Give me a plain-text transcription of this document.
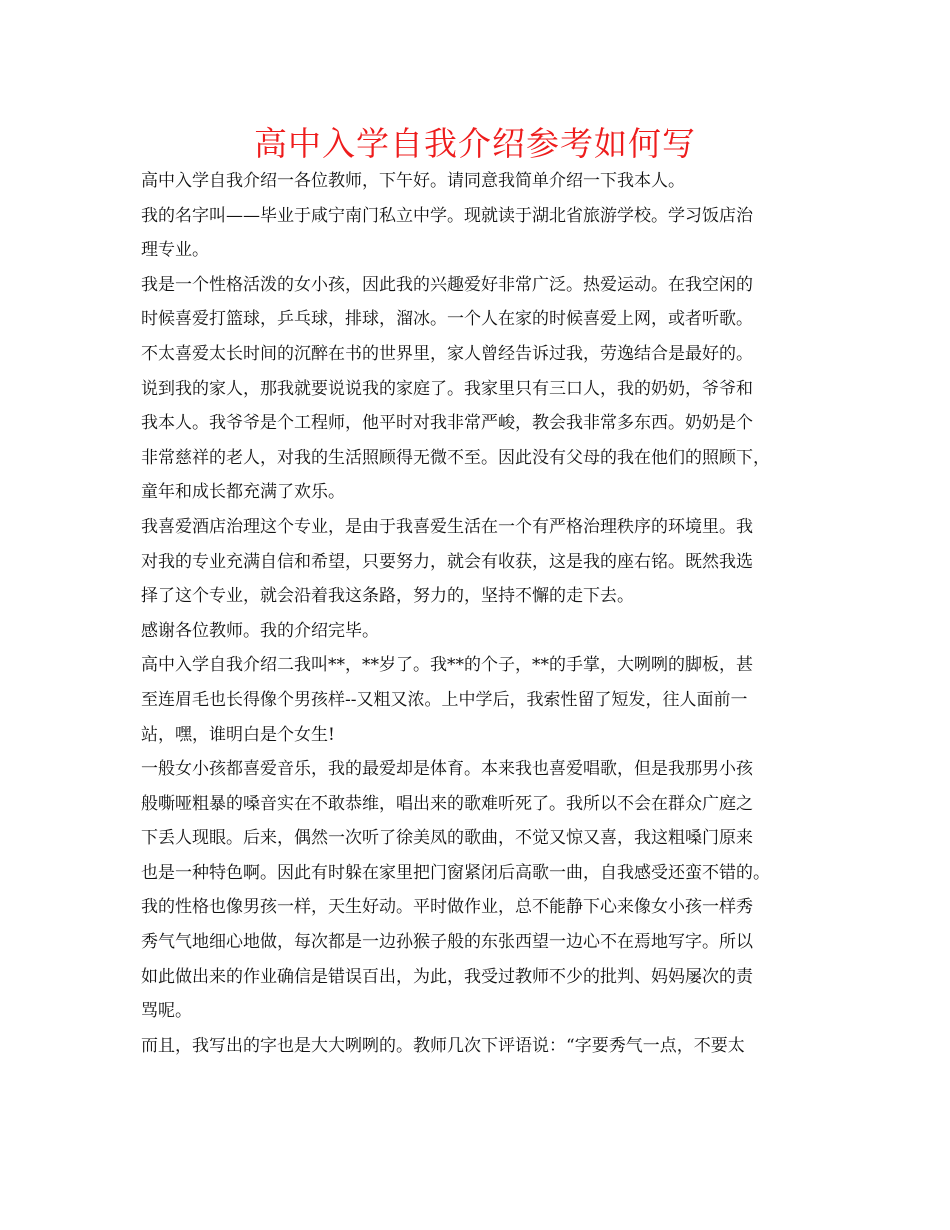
高中入学自我介绍参考如何写
高中入学自我介绍一各位教师，下午好。请同意我简单介绍一下我本人。
我的名字叫——毕业于咸宁南门私立中学。现就读于湖北省旅游学校。学习饭店治
理专业。
我是一个性格活泼的女小孩，因此我的兴趣爱好非常广泛。热爱运动。在我空闲的
时候喜爱打篮球，乒乓球，排球，溜冰。一个人在家的时候喜爱上网，或者听歌。
不太喜爱太长时间的沉醉在书的世界里，家人曾经告诉过我，劳逸结合是最好的。
说到我的家人，那我就要说说我的家庭了。我家里只有三口人，我的奶奶，爷爷和
我本人。我爷爷是个工程师，他平时对我非常严峻，教会我非常多东西。奶奶是个
非常慈祥的老人，对我的生活照顾得无微不至。因此没有父母的我在他们的照顾下，
童年和成长都充满了欢乐。
我喜爱酒店治理这个专业，是由于我喜爱生活在一个有严格治理秩序的环境里。我
对我的专业充满自信和希望，只要努力，就会有收获，这是我的座右铭。既然我选
择了这个专业，就会沿着我这条路，努力的，坚持不懈的走下去。
感谢各位教师。我的介绍完毕。
高中入学自我介绍二我叫**，**岁了。我**的个子，**的手掌，大咧咧的脚板，甚
至连眉毛也长得像个男孩样--又粗又浓。上中学后，我索性留了短发，往人面前一
站，嘿，谁明白是个女生!
一般女小孩都喜爱音乐，我的最爱却是体育。本来我也喜爱唱歌，但是我那男小孩
般嘶哑粗暴的嗓音实在不敢恭维，唱出来的歌难听死了。我所以不会在群众广庭之
下丢人现眼。后来，偶然一次听了徐美凤的歌曲，不觉又惊又喜，我这粗嗓门原来
也是一种特色啊。因此有时躲在家里把门窗紧闭后高歌一曲，自我感受还蛮不错的。
我的性格也像男孩一样，天生好动。平时做作业，总不能静下心来像女小孩一样秀
秀气气地细心地做，每次都是一边孙猴子般的东张西望一边心不在焉地写字。所以
如此做出来的作业确信是错误百出，为此，我受过教师不少的批判、妈妈屡次的责
骂呢。
而且，我写出的字也是大大咧咧的。教师几次下评语说：“字要秀气一点，不要太
